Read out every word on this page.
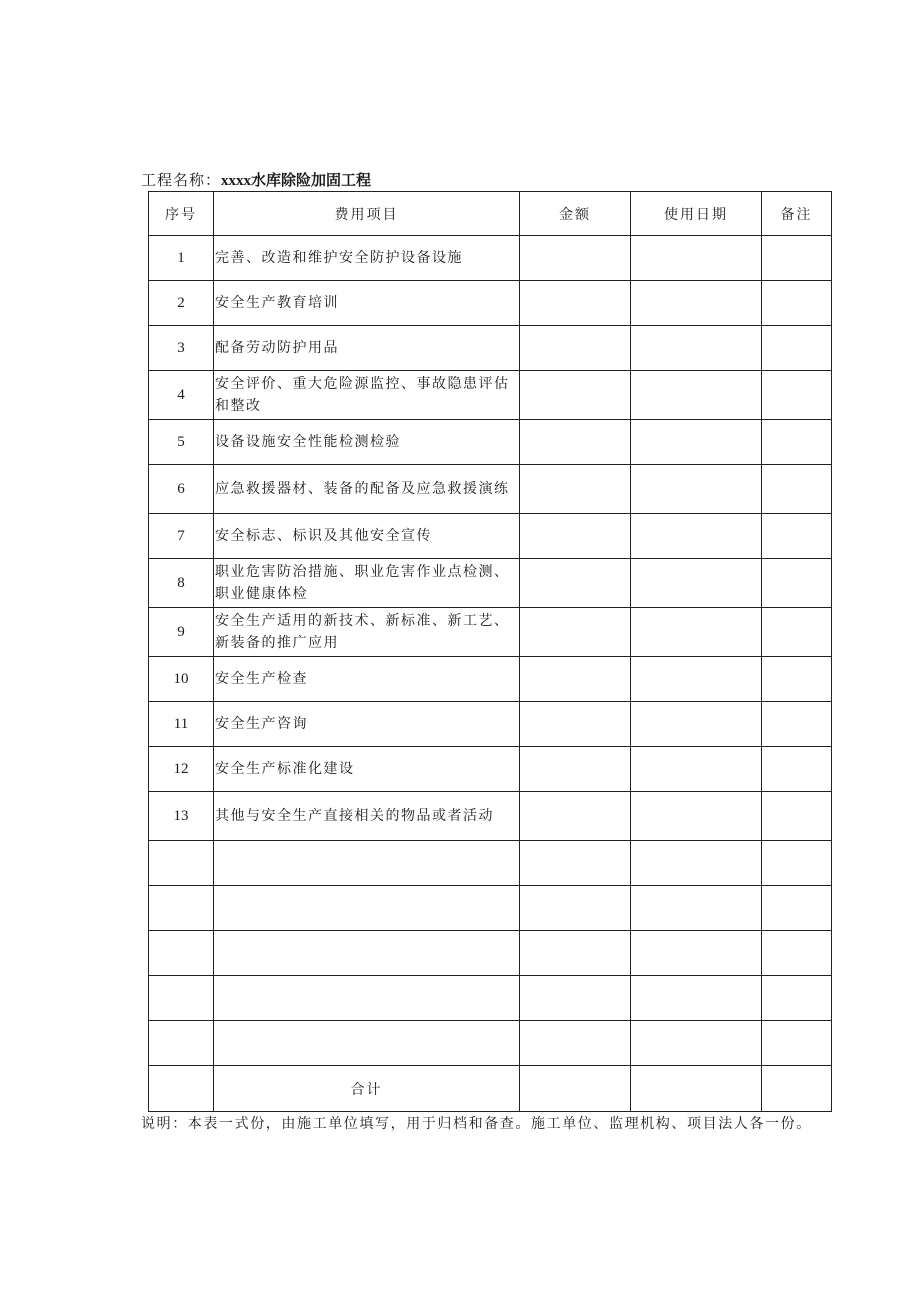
工程名称：xxxx水库除险加固工程
序号	费用项目	金额	使用日期	备注
1	完善、改造和维护安全防护设备设施			
2	安全生产教育培训			
3	配备劳动防护用品			
4	安全评价、重大危险源监控、事故隐患评估和整改			
5	设备设施安全性能检测检验			
6	应急救援器材、装备的配备及应急救援演练			
7	安全标志、标识及其他安全宣传			
8	职业危害防治措施、职业危害作业点检测、职业健康体检			
9	安全生产适用的新技术、新标准、新工艺、新装备的推广应用			
10	安全生产检查			
11	安全生产咨询			
12	安全生产标准化建设			
13	其他与安全生产直接相关的物品或者活动			

	合计			
说明：本表一式份，由施工单位填写，用于归档和备查。施工单位、监理机构、项目法人各一份。
